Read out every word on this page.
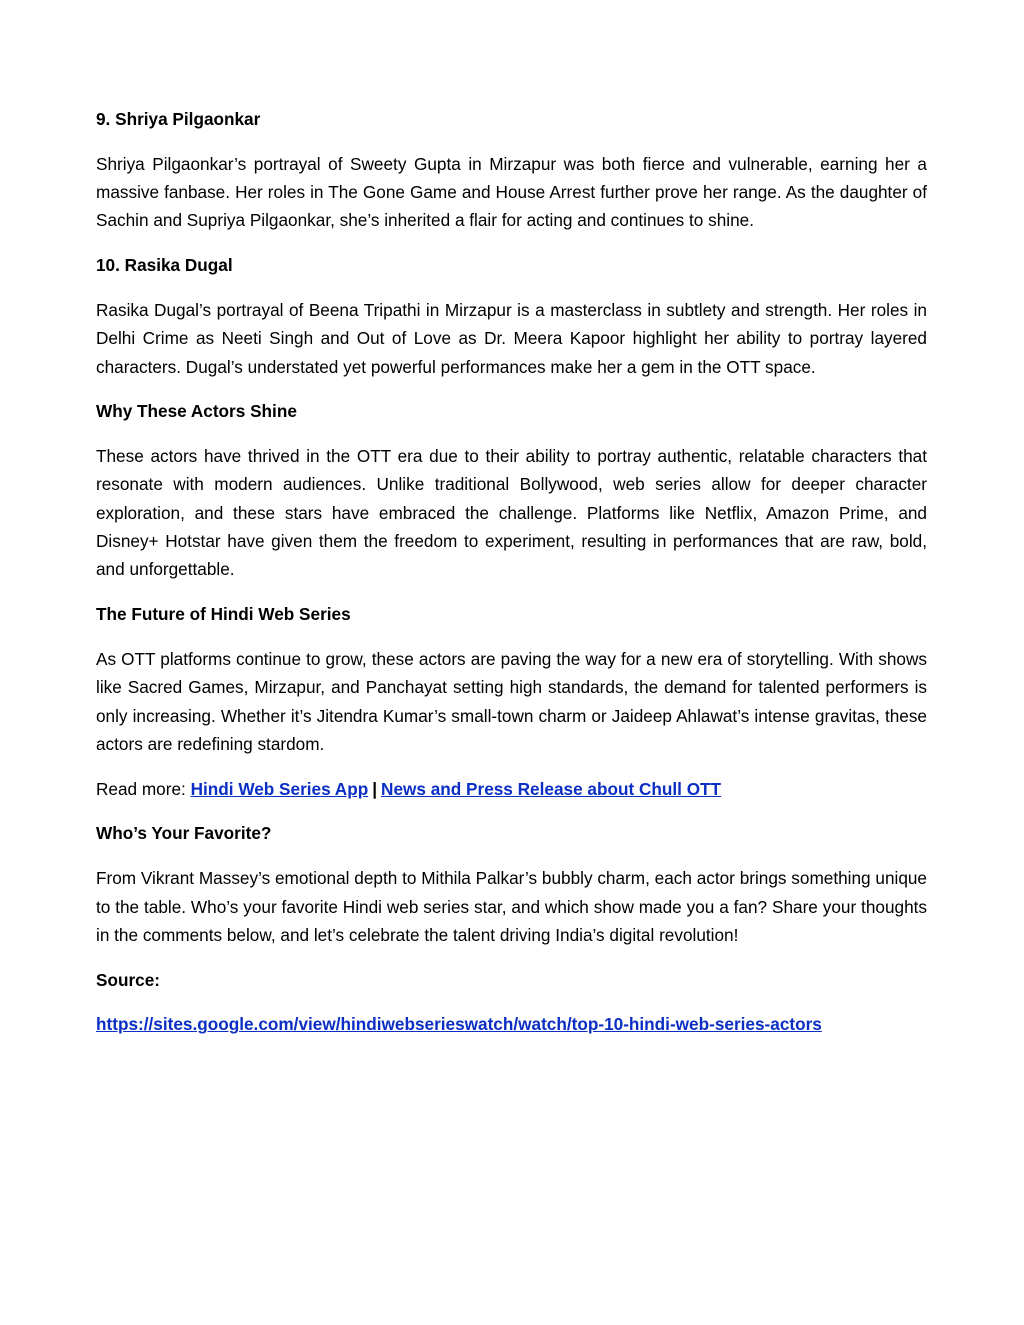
9. Shriya Pilgaonkar

Shriya Pilgaonkar’s portrayal of Sweety Gupta in Mirzapur was both fierce and vulnerable, earning her a massive fanbase. Her roles in The Gone Game and House Arrest further prove her range. As the daughter of Sachin and Supriya Pilgaonkar, she’s inherited a flair for acting and continues to shine.

10. Rasika Dugal

Rasika Dugal’s portrayal of Beena Tripathi in Mirzapur is a masterclass in subtlety and strength. Her roles in Delhi Crime as Neeti Singh and Out of Love as Dr. Meera Kapoor highlight her ability to portray layered characters. Dugal’s understated yet powerful performances make her a gem in the OTT space.

Why These Actors Shine

These actors have thrived in the OTT era due to their ability to portray authentic, relatable characters that resonate with modern audiences. Unlike traditional Bollywood, web series allow for deeper character exploration, and these stars have embraced the challenge. Platforms like Netflix, Amazon Prime, and Disney+ Hotstar have given them the freedom to experiment, resulting in performances that are raw, bold, and unforgettable.

The Future of Hindi Web Series

As OTT platforms continue to grow, these actors are paving the way for a new era of storytelling. With shows like Sacred Games, Mirzapur, and Panchayat setting high standards, the demand for talented performers is only increasing. Whether it’s Jitendra Kumar’s small-town charm or Jaideep Ahlawat’s intense gravitas, these actors are redefining stardom.

Read more: Hindi Web Series App | News and Press Release about Chull OTT

Who’s Your Favorite?

From Vikrant Massey’s emotional depth to Mithila Palkar’s bubbly charm, each actor brings something unique to the table. Who’s your favorite Hindi web series star, and which show made you a fan? Share your thoughts in the comments below, and let’s celebrate the talent driving India’s digital revolution!

Source:

https://sites.google.com/view/hindiwebserieswatch/watch/top-10-hindi-web-series-actors
